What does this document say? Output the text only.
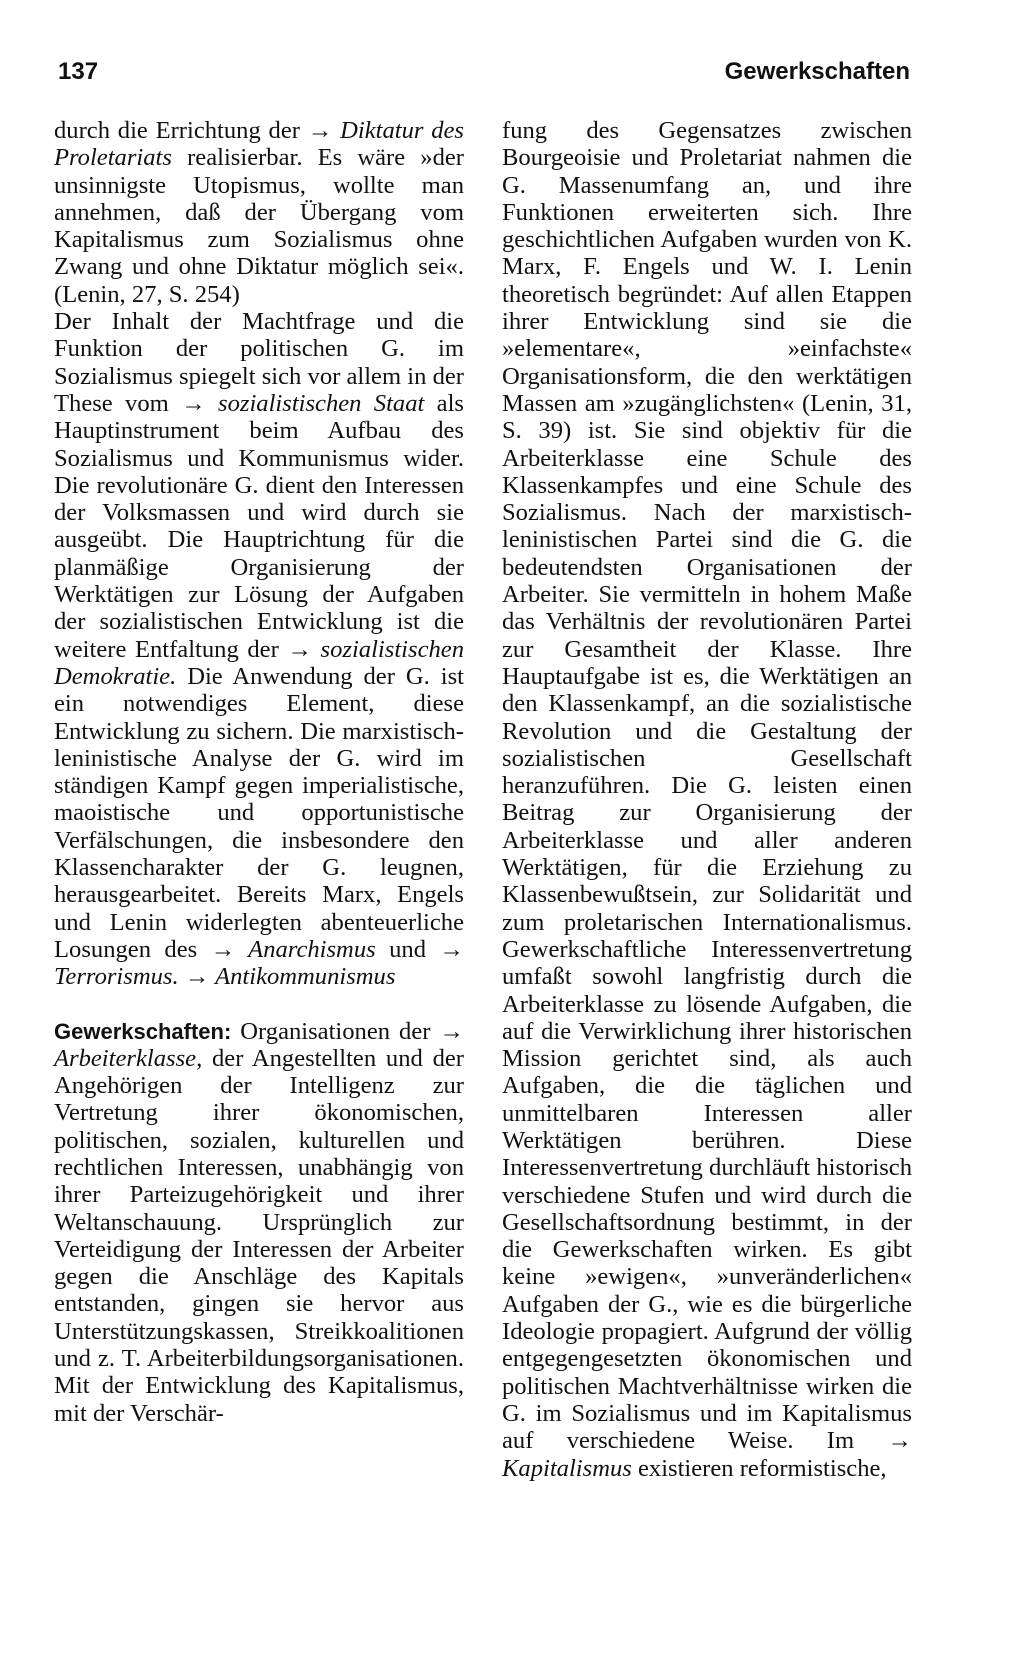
137	Gewerkschaften

durch die Errichtung der → Diktatur des Proletariats realisierbar. Es wäre »der unsinnigste Utopismus, wollte man annehmen, daß der Übergang vom Kapitalismus zum Sozialismus ohne Zwang und ohne Diktatur möglich sei«. (Lenin, 27, S. 254)

Der Inhalt der Machtfrage und die Funktion der politischen G. im Sozialismus spiegelt sich vor allem in der These vom → sozialistischen Staat als Hauptinstrument beim Aufbau des Sozialismus und Kommunismus wider. Die revolutionäre G. dient den Interessen der Volksmassen und wird durch sie ausgeübt. Die Hauptrichtung für die planmäßige Organisierung der Werktätigen zur Lösung der Aufgaben der sozialistischen Entwicklung ist die weitere Entfaltung der → sozialistischen Demokratie. Die Anwendung der G. ist ein notwendiges Element, diese Entwicklung zu sichern. Die marxistisch-leninistische Analyse der G. wird im ständigen Kampf gegen imperialistische, maoistische und opportunistische Verfälschungen, die insbesondere den Klassencharakter der G. leugnen, herausgearbeitet. Bereits Marx, Engels und Lenin widerlegten abenteuerliche Losungen des → Anarchismus und → Terrorismus. → Antikommunismus

Gewerkschaften: Organisationen der → Arbeiterklasse, der Angestellten und der Angehörigen der Intelligenz zur Vertretung ihrer ökonomischen, politischen, sozialen, kulturellen und rechtlichen Interessen, unabhängig von ihrer Parteizugehörigkeit und ihrer Weltanschauung. Ursprünglich zur Verteidigung der Interessen der Arbeiter gegen die Anschläge des Kapitals entstanden, gingen sie hervor aus Unterstützungskassen, Streikkoalitionen und z. T. Arbeiterbildungsorganisationen. Mit der Entwicklung des Kapitalismus, mit der Verschär-

fung des Gegensatzes zwischen Bourgeoisie und Proletariat nahmen die G. Massenumfang an, und ihre Funktionen erweiterten sich. Ihre geschichtlichen Aufgaben wurden von K. Marx, F. Engels und W. I. Lenin theoretisch begründet: Auf allen Etappen ihrer Entwicklung sind sie die »elementare«, »einfachste« Organisationsform, die den werktätigen Massen am »zugänglichsten« (Lenin, 31, S. 39) ist. Sie sind objektiv für die Arbeiterklasse eine Schule des Klassenkampfes und eine Schule des Sozialismus. Nach der marxistisch-leninistischen Partei sind die G. die bedeutendsten Organisationen der Arbeiter. Sie vermitteln in hohem Maße das Verhältnis der revolutionären Partei zur Gesamtheit der Klasse. Ihre Hauptaufgabe ist es, die Werktätigen an den Klassenkampf, an die sozialistische Revolution und die Gestaltung der sozialistischen Gesellschaft heranzuführen. Die G. leisten einen Beitrag zur Organisierung der Arbeiterklasse und aller anderen Werktätigen, für die Erziehung zu Klassenbewußtsein, zur Solidarität und zum proletarischen Internationalismus. Gewerkschaftliche Interessenvertretung umfaßt sowohl langfristig durch die Arbeiterklasse zu lösende Aufgaben, die auf die Verwirklichung ihrer historischen Mission gerichtet sind, als auch Aufgaben, die die täglichen und unmittelbaren Interessen aller Werktätigen berühren. Diese Interessenvertretung durchläuft historisch verschiedene Stufen und wird durch die Gesellschaftsordnung bestimmt, in der die Gewerkschaften wirken. Es gibt keine »ewigen«, »unveränderlichen« Aufgaben der G., wie es die bürgerliche Ideologie propagiert. Aufgrund der völlig entgegengesetzten ökonomischen und politischen Machtverhältnisse wirken die G. im Sozialismus und im Kapitalismus auf verschiedene Weise. Im → Kapitalismus existieren reformistische,
